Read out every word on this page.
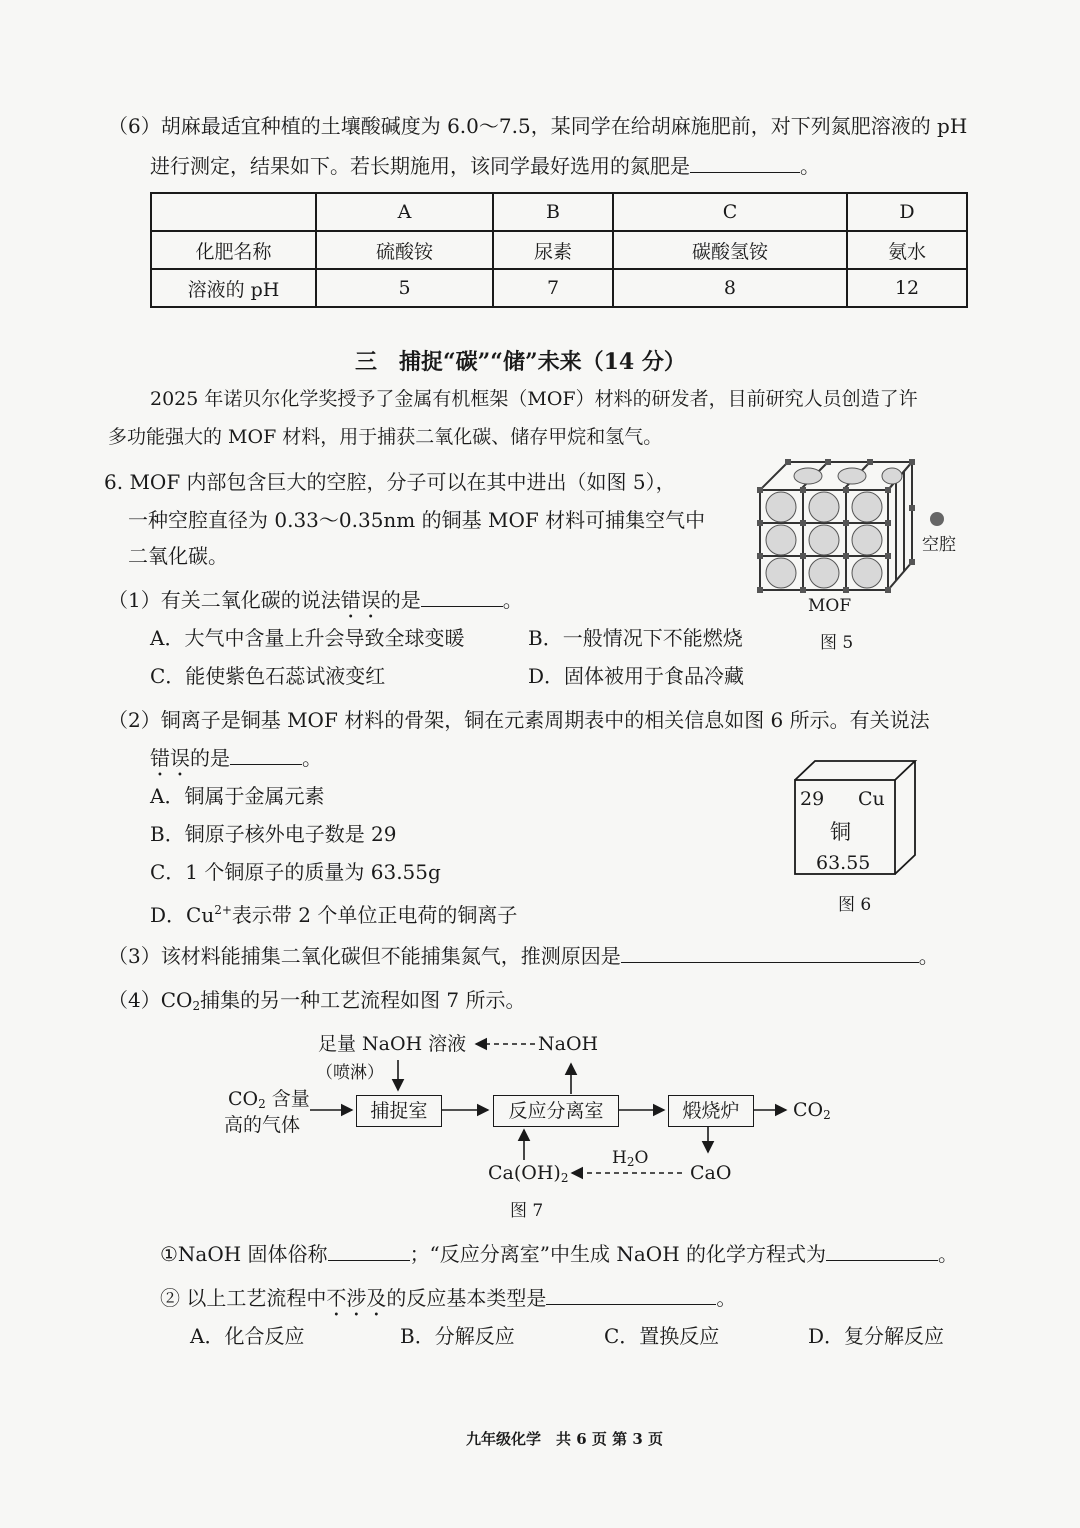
（6）胡麻最适宜种植的土壤酸碱度为 6.0～7.5，某同学在给胡麻施肥前，对下列氮肥溶液的 pH
进行测定，结果如下。若长期施用，该同学最好选用的氮肥是	。
	A	B	C	D
化肥名称	硫酸铵	尿素	碳酸氢铵	氨水
溶液的 pH	5	7	8	12
三　捕捉“碳”“储”未来（14 分）
2025 年诺贝尔化学奖授予了金属有机框架（MOF）材料的研发者，目前研究人员创造了许
多功能强大的 MOF 材料，用于捕获二氧化碳、储存甲烷和氢气。
6. MOF 内部包含巨大的空腔，分子可以在其中进出（如图 5），
一种空腔直径为 0.33～0.35nm 的铜基 MOF 材料可捕集空气中
二氧化碳。	空腔
MOF
图 5
（1）有关二氧化碳的说法错误的是	。
A．大气中含量上升会导致全球变暖	B．一般情况下不能燃烧
C．能使紫色石蕊试液变红	D．固体被用于食品冷藏
（2）铜离子是铜基 MOF 材料的骨架，铜在元素周期表中的相关信息如图 6 所示。有关说法
错误的是	。
A．铜属于金属元素
B．铜原子核外电子数是 29
C．1 个铜原子的质量为 63.55g
D．$Cu^{2+}$表示带 2 个单位正电荷的铜离子
29 Cu
铜
63.55
图 6
（3）该材料能捕集二氧化碳但不能捕集氮气，推测原因是	。
$(4)CO_2$捕集的另一种工艺流程如图 7 所示。
$CO_2$ 含量
高的气体
足量 NaOH 溶液
（喷淋）
NaOH
捕捉室	反应分离室	煅烧炉	$CO_2$
$Ca(OH)_2$
$H_2O$
CaO
图 7
①NaOH 固体俗称	；“反应分离室”中生成 NaOH 的化学方程式为	。
② 以上工艺流程中不涉及的反应基本类型是	。
A．化合反应	B．分解反应	C．置换反应	D．复分解反应
九年级化学　共 6 页 第 3 页
